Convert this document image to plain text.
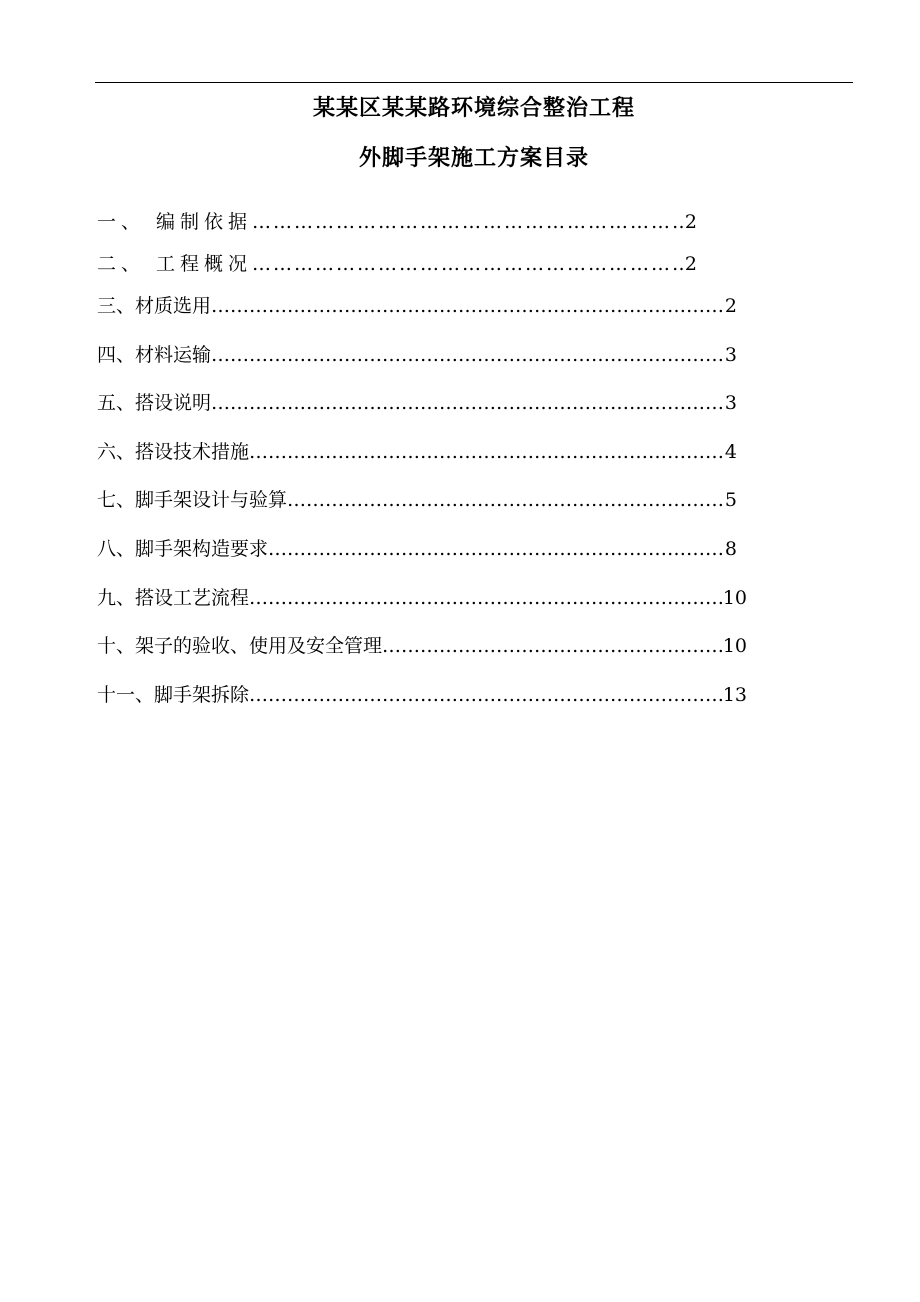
某某区某某路环境综合整治工程
外脚手架施工方案目录
一、 编制依据 …………………………………………………………………………………………………………………………………………………	2
二、 工程概况 …………………………………………………………………………………………………………………………………………………	2
三、材质选用 …………………………………………………………………………………………………………………………………………………	2
四、材料运输 …………………………………………………………………………………………………………………………………………………	3
五、搭设说明 …………………………………………………………………………………………………………………………………………………	3
六、搭设技术措施 …………………………………………………………………………………………………………………………………………………	4
七、脚手架设计与验算 …………………………………………………………………………………………………………………………………………………	5
八、脚手架构造要求 …………………………………………………………………………………………………………………………………………………	8
九、搭设工艺流程 …………………………………………………………………………………………………………………………………………………	10
十、架子的验收、使用及安全管理 …………………………………………………………………………………………………………………………………………………	10
十一、脚手架拆除 …………………………………………………………………………………………………………………………………………………	13
